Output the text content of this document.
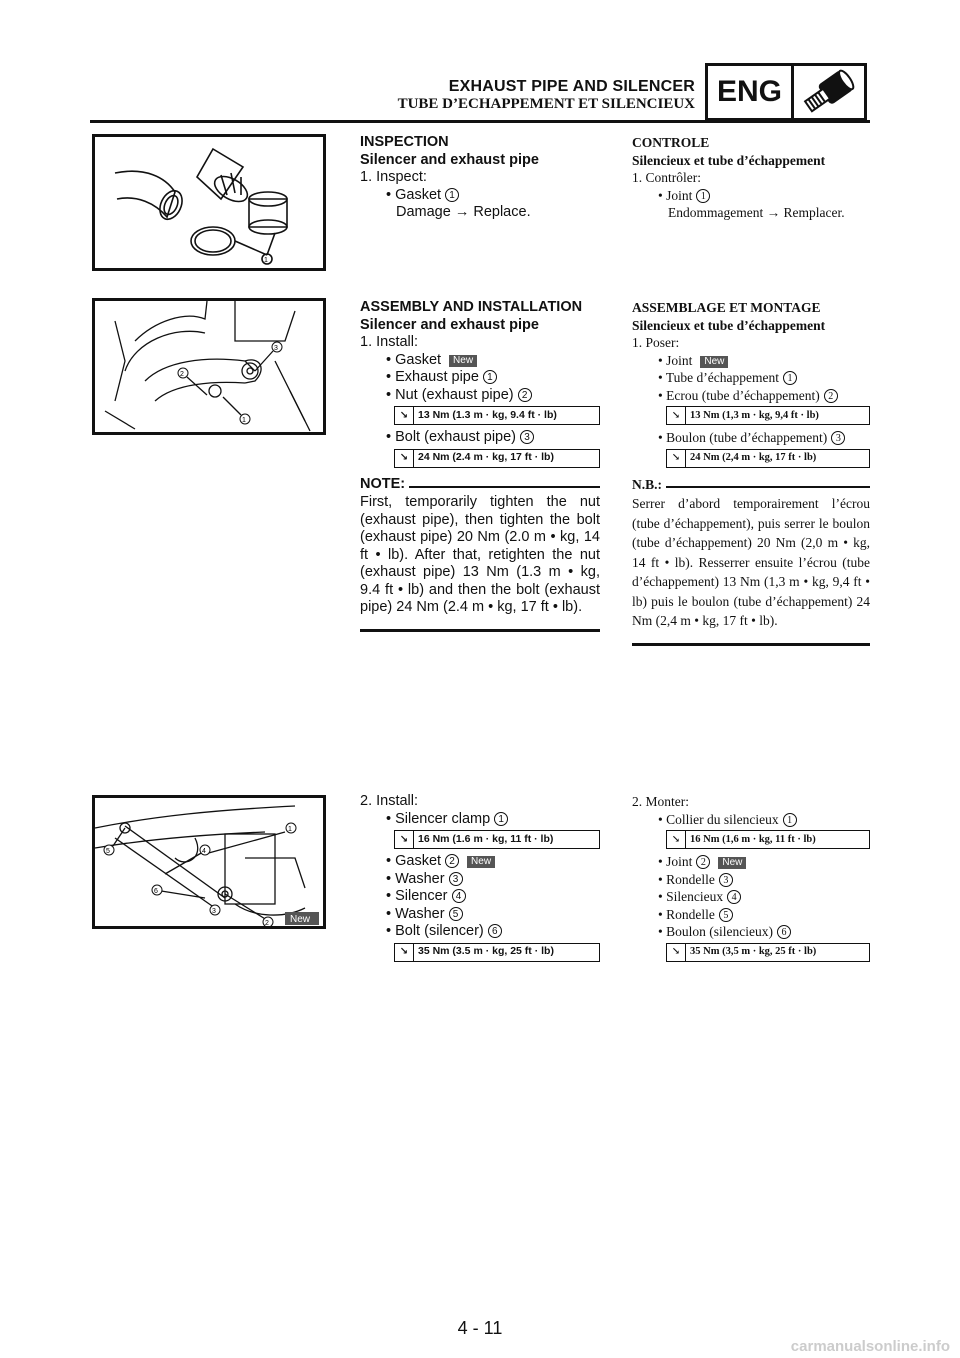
EXHAUST PIPE AND SILENCER
TUBE D’ECHAPPEMENT ET SILENCIEUX ENG
1
3
2
1
1
2
3
4
5
6
New
INSPECTION
Silencer and exhaust pipe
1. Inspect:
• Gasket 1
Damage → Replace.
CONTROLE
Silencieux et tube d’échappement
1. Contrôler:
• Joint 1
Endommagement → Remplacer.
ASSEMBLY AND INSTALLATION
Silencer and exhaust pipe
1. Install:
• Gasket New
• Exhaust pipe 1
• Nut (exhaust pipe) 2
↘ 13 Nm (1.3 m · kg, 9.4 ft · lb)
• Bolt (exhaust pipe) 3
↘ 24 Nm (2.4 m · kg, 17 ft · lb)
NOTE:
First, temporarily tighten the nut (exhaust pipe), then tighten the bolt (exhaust pipe) 20 Nm (2.0 m • kg, 14 ft • lb). After that, retighten the nut (exhaust pipe) 13 Nm (1.3 m • kg, 9.4 ft • lb) and then the bolt (exhaust pipe) 24 Nm (2.4 m • kg, 17 ft • lb).
ASSEMBLAGE ET MONTAGE
Silencieux et tube d’échappement
1. Poser:
• Joint New
• Tube d’échappement 1
• Ecrou (tube d’échappement) 2
↘ 13 Nm (1,3 m · kg, 9,4 ft · lb)
• Boulon (tube d’échappement) 3
↘ 24 Nm (2,4 m · kg, 17 ft · lb)
N.B.:
Serrer d’abord temporairement l’écrou (tube d’échappement), puis serrer le boulon (tube d’échappement) 20 Nm (2,0 m • kg, 14 ft • lb). Resserrer ensuite l’écrou (tube d’échappement) 13 Nm (1,3 m • kg, 9,4 ft • lb) puis le boulon (tube d’échappement) 24 Nm (2,4 m • kg, 17 ft • lb).
2. Install:
• Silencer clamp 1
↘ 16 Nm (1.6 m · kg, 11 ft · lb)
• Gasket 2 New
• Washer 3
• Silencer 4
• Washer 5
• Bolt (silencer) 6
↘ 35 Nm (3.5 m · kg, 25 ft · lb)
2. Monter:
• Collier du silencieux 1
↘ 16 Nm (1,6 m · kg, 11 ft · lb)
• Joint 2 New
• Rondelle 3
• Silencieux 4
• Rondelle 5
• Boulon (silencieux) 6
↘ 35 Nm (3,5 m · kg, 25 ft · lb)
4 - 11
carmanualsonline.info
